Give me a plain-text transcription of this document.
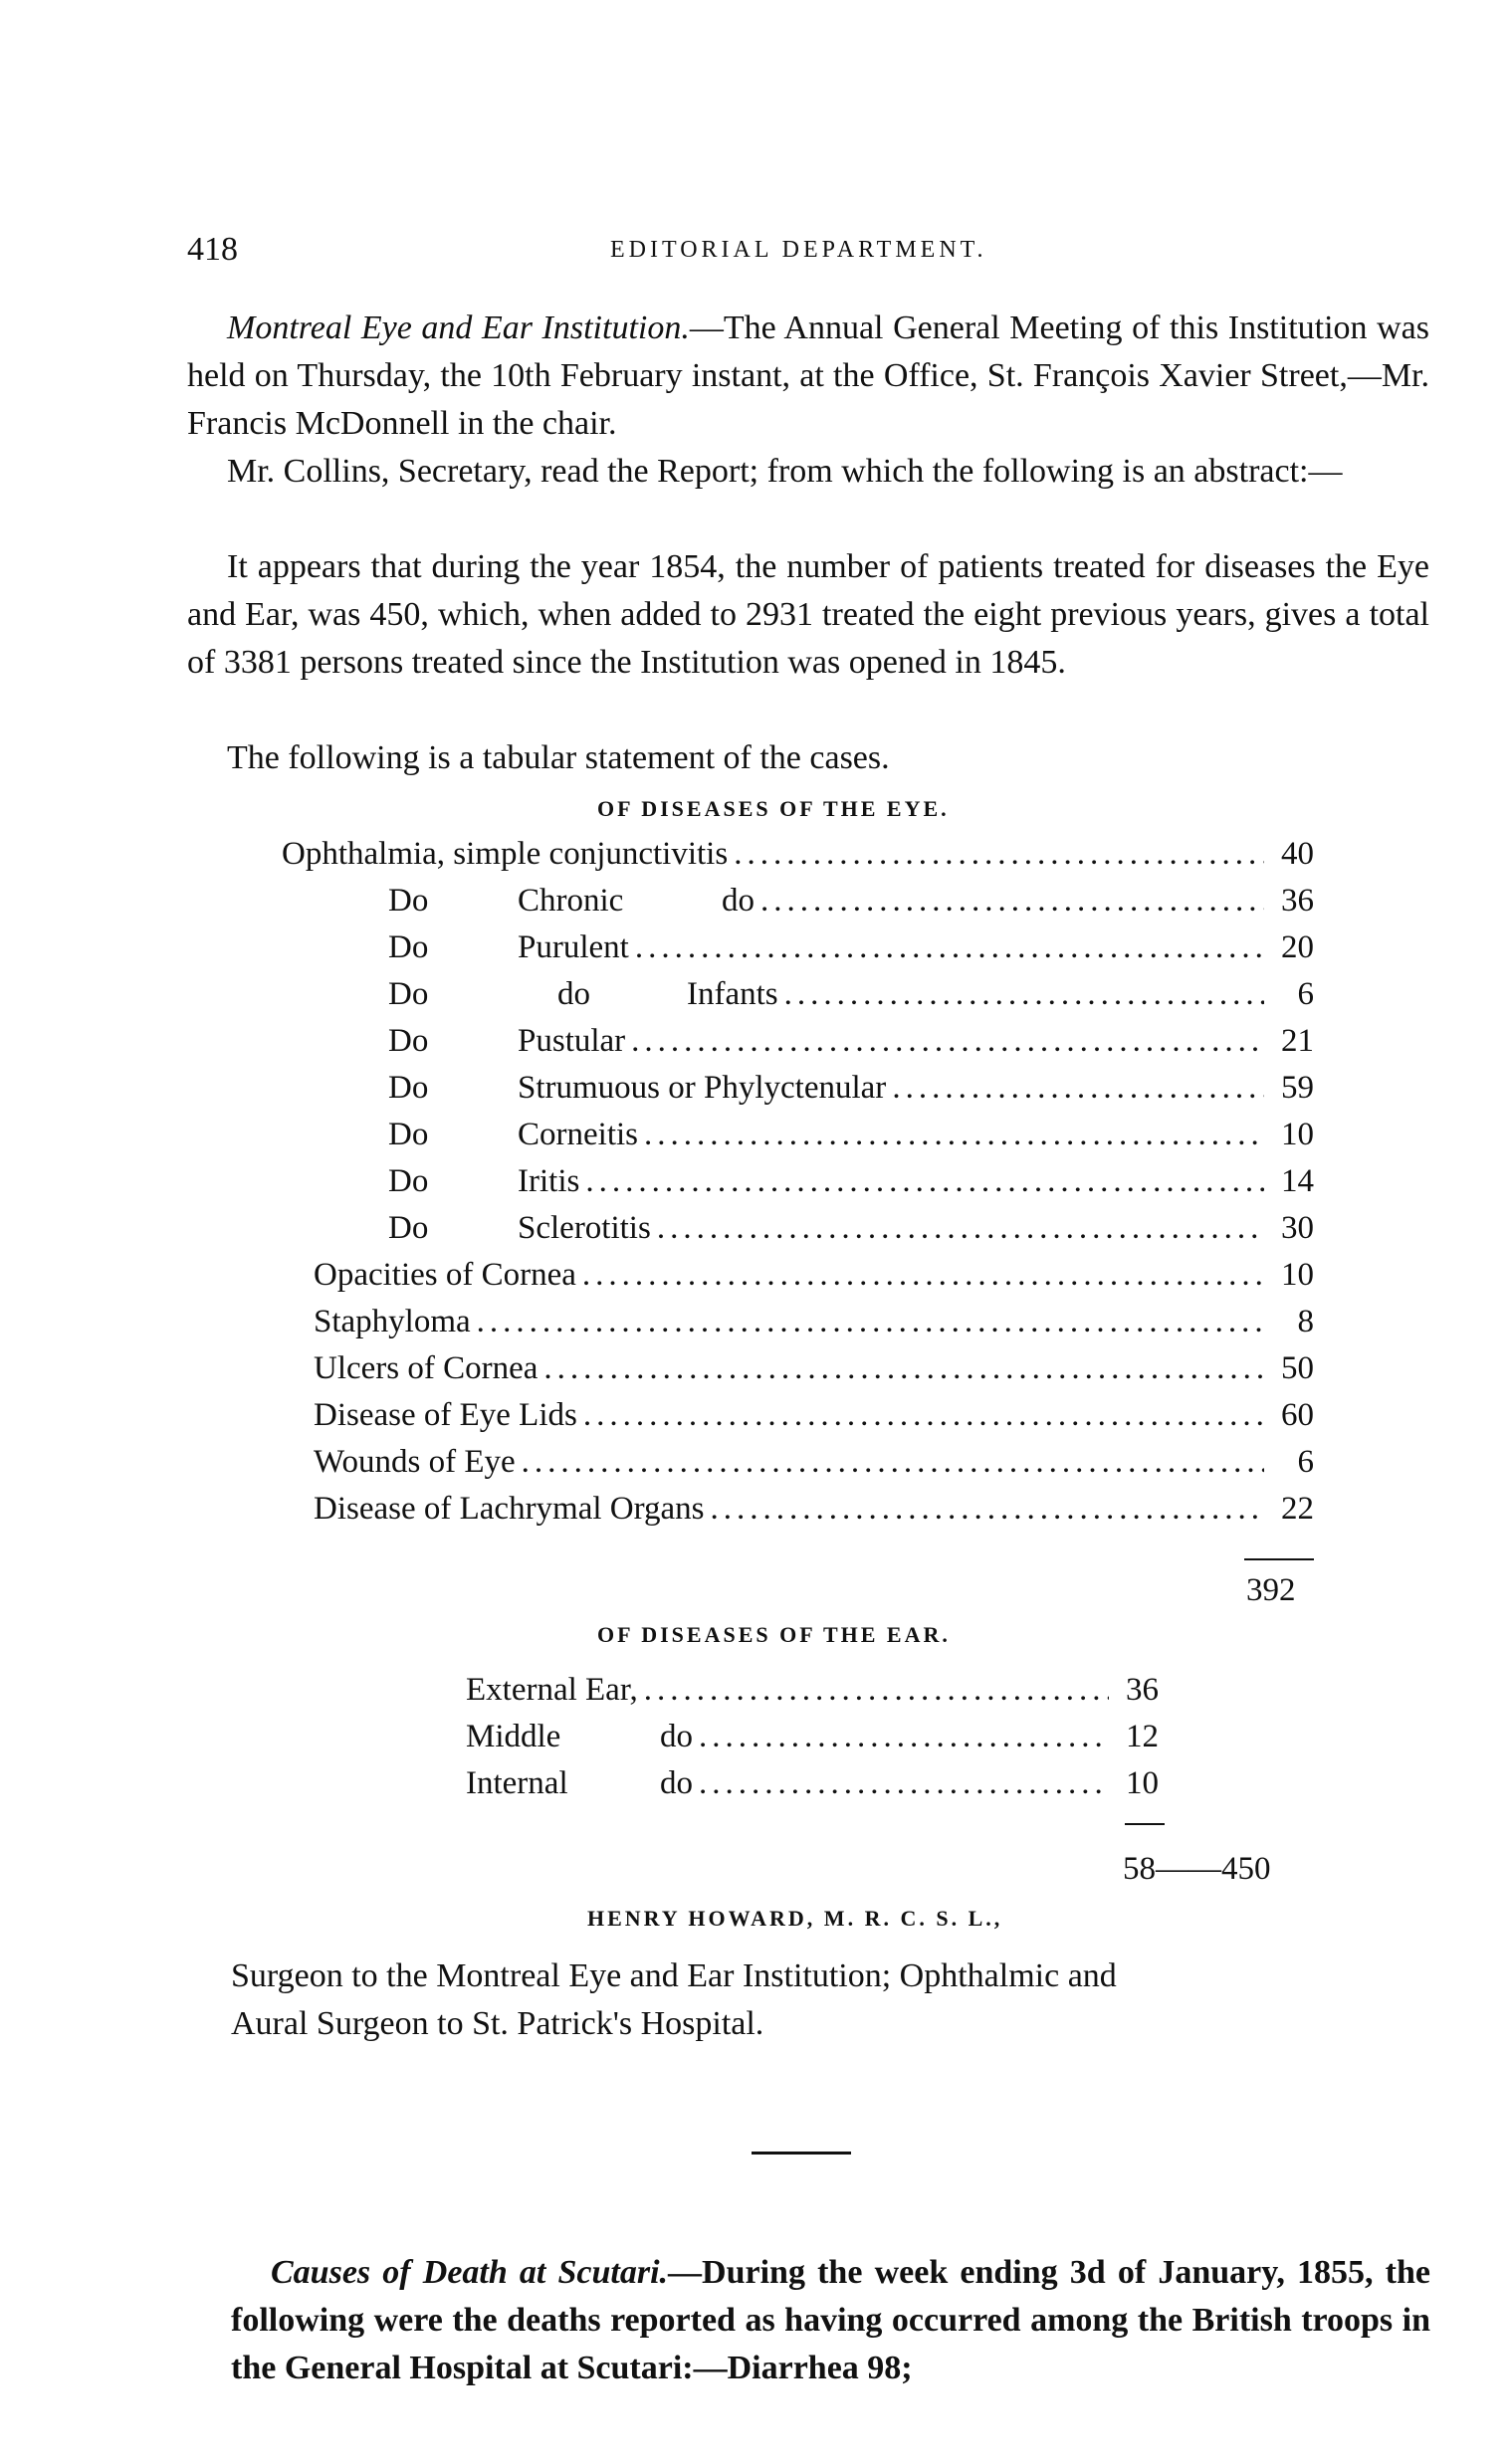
418	EDITORIAL DEPARTMENT.
Montreal Eye and Ear Institution.—The Annual General Meeting of this Institution was held on Thursday, the 10th February instant, at the Office, St. François Xavier Street,—Mr. Francis McDonnell in the chair.
Mr. Collins, Secretary, read the Report; from which the following is an abstract:—
It appears that during the year 1854, the number of patients treated for diseases the Eye and Ear, was 450, which, when added to 2931 treated the eight previous years, gives a total of 3381 persons treated since the Institution was opened in 1845.
The following is a tabular statement of the cases.
OF DISEASES OF THE EYE.
Ophthalmia, simple conjunctivitis .....	40
Do	Chronic	do .....	36
Do	Purulent .....	20
Do	do	Infants .....	6
Do	Pustular .....	21
Do	Strumuous or Phylyctenular .....	59
Do	Corneitis .....	10
Do	Iritis .....	14
Do	Sclerotitis .....	30
Opacities of Cornea .....	10
Staphyloma .....	8
Ulcers of Cornea .....	50
Disease of Eye Lids .....	60
Wounds of Eye .....	6
Disease of Lachrymal Organs .....	22
392
OF DISEASES OF THE EAR.
External Ear, .....	36
Middle	do .....	12
Internal	do .....	10
58——450
HENRY HOWARD, M. R. C. S. L.,
Surgeon to the Montreal Eye and Ear Institution; Ophthalmic and
Aural Surgeon to St. Patrick's Hospital.
Causes of Death at Scutari.—During the week ending 3d of January, 1855, the following were the deaths reported as having occurred among the British troops in the General Hospital at Scutari:—Diarrhea 98;
